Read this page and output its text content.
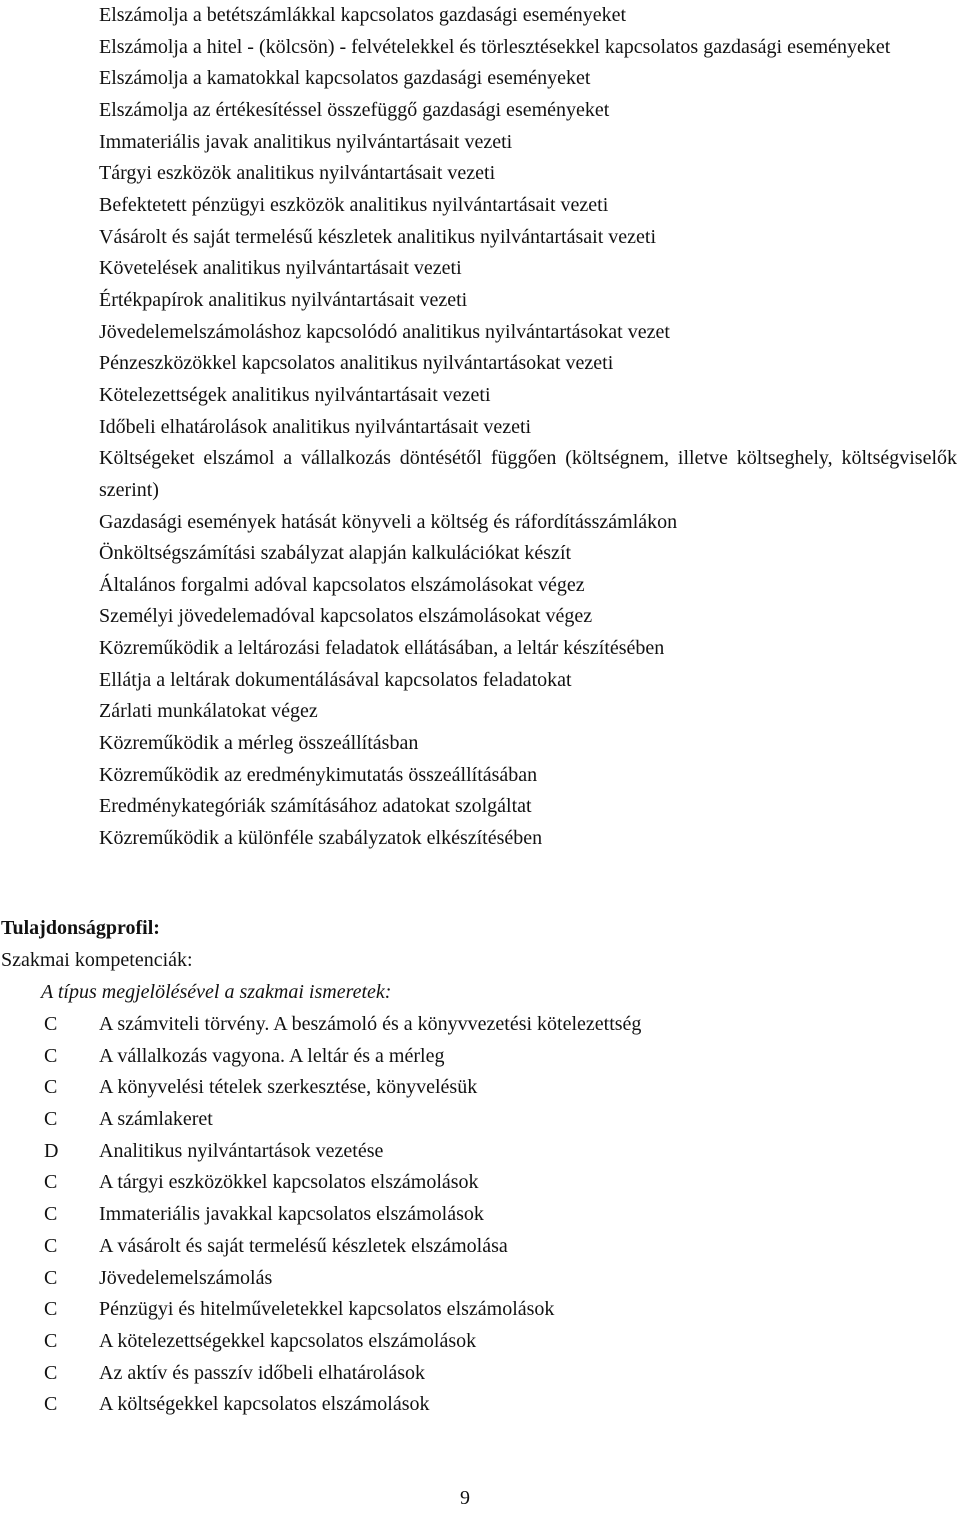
Elszámolja a betétszámlákkal kapcsolatos gazdasági eseményeket
Elszámolja a hitel - (kölcsön) - felvételekkel és törlesztésekkel kapcsolatos gazdasági eseményeket
Elszámolja a kamatokkal kapcsolatos gazdasági eseményeket
Elszámolja az értékesítéssel összefüggő gazdasági eseményeket
Immateriális javak analitikus nyilvántartásait vezeti
Tárgyi eszközök analitikus nyilvántartásait vezeti
Befektetett pénzügyi eszközök analitikus nyilvántartásait vezeti
Vásárolt és saját termelésű készletek analitikus nyilvántartásait vezeti
Követelések analitikus nyilvántartásait vezeti
Értékpapírok analitikus nyilvántartásait vezeti
Jövedelemelszámoláshoz kapcsolódó analitikus nyilvántartásokat vezet
Pénzeszközökkel kapcsolatos analitikus nyilvántartásokat vezeti
Kötelezettségek analitikus nyilvántartásait vezeti
Időbeli elhatárolások analitikus nyilvántartásait vezeti
Költségeket elszámol a vállalkozás döntésétől függően (költségnem, illetve költseghely, költségviselők szerint)
Gazdasági események hatását könyveli a költség és ráfordításszámlákon
Önköltségszámítási szabályzat alapján kalkulációkat készít
Általános forgalmi adóval kapcsolatos elszámolásokat végez
Személyi jövedelemadóval kapcsolatos elszámolásokat végez
Közreműködik a leltározási feladatok ellátásában, a leltár készítésében
Ellátja a leltárak dokumentálásával kapcsolatos feladatokat
Zárlati munkálatokat végez
Közreműködik a mérleg összeállításban
Közreműködik az eredménykimutatás összeállításában
Eredménykategóriák számításához adatokat szolgáltat
Közreműködik a különféle szabályzatok elkészítésében
Tulajdonságprofil:
Szakmai kompetenciák:
A típus megjelölésével a szakmai ismeretek:
C	A számviteli törvény. A beszámoló és a könyvvezetési kötelezettség
C	A vállalkozás vagyona. A leltár és a mérleg
C	A könyvelési tételek szerkesztése, könyvelésük
C	A számlakeret
D	Analitikus nyilvántartások vezetése
C	A tárgyi eszközökkel kapcsolatos elszámolások
C	Immateriális javakkal kapcsolatos elszámolások
C	A vásárolt és saját termelésű készletek elszámolása
C	Jövedelemelszámolás
C	Pénzügyi és hitelműveletekkel kapcsolatos elszámolások
C	A kötelezettségekkel kapcsolatos elszámolások
C	Az aktív és passzív időbeli elhatárolások
C	A költségekkel kapcsolatos elszámolások
9
